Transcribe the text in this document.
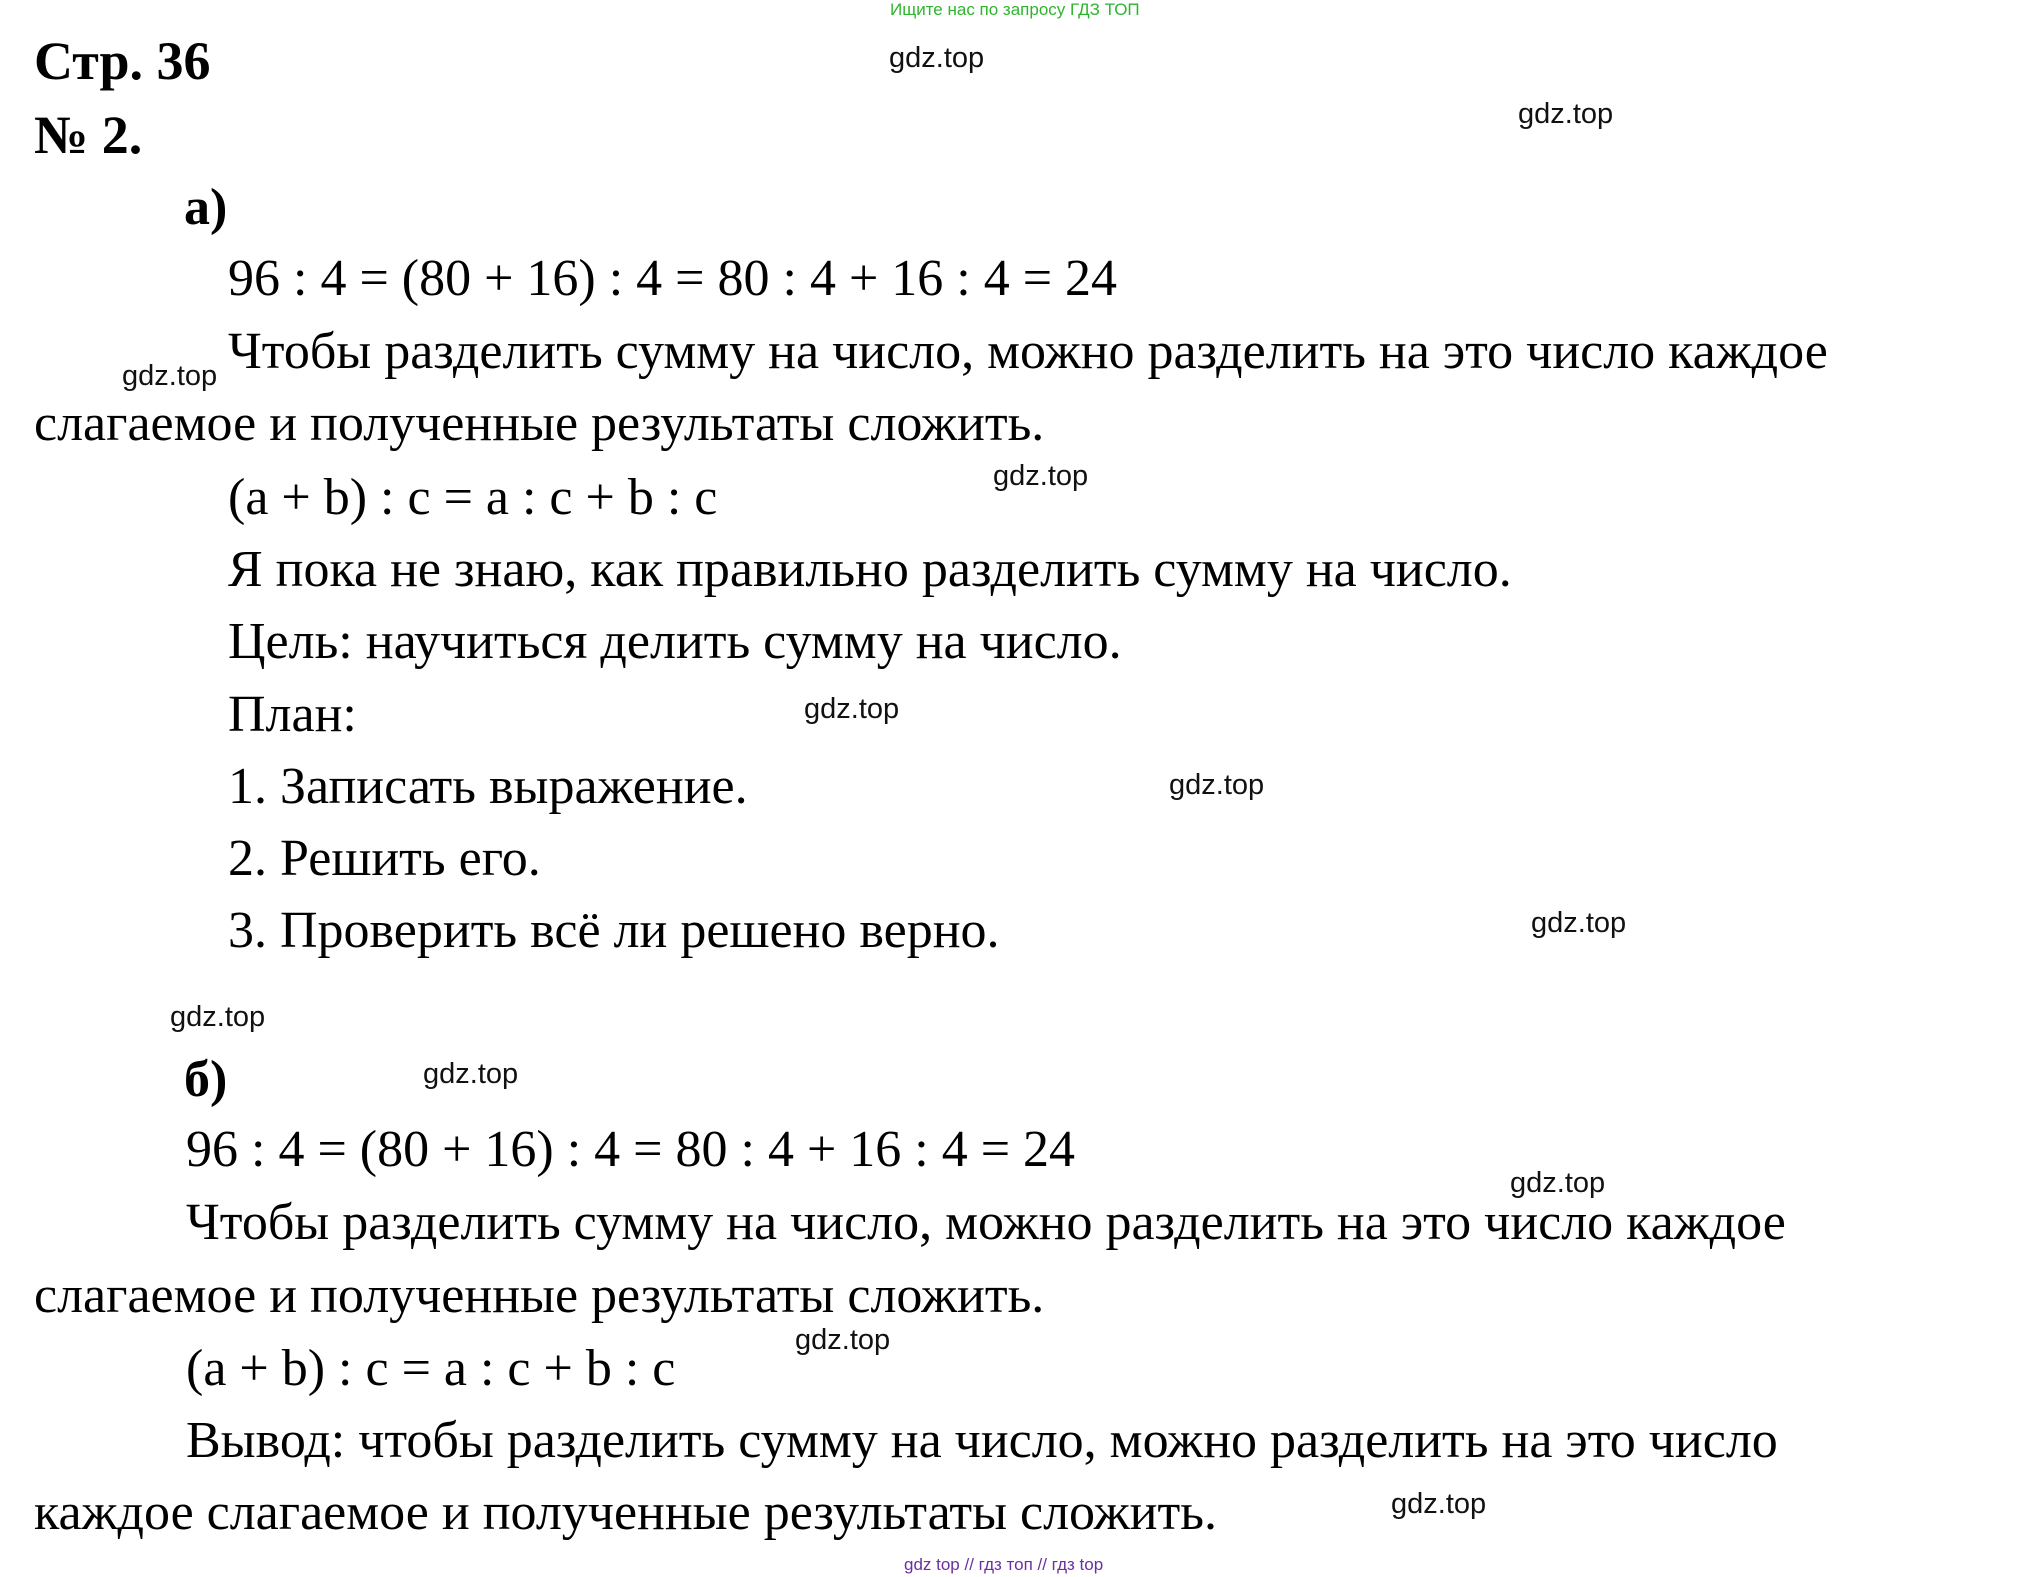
Ищите нас по запросу ГДЗ ТОП
Стр. 36
№ 2.
а)
96 : 4 = (80 + 16) : 4 = 80 : 4 + 16 : 4 = 24
Чтобы разделить сумму на число, можно разделить на это число каждое
слагаемое и полученные результаты сложить.
(a + b) : c = a : c + b : c
Я пока не знаю, как правильно разделить сумму на число.
Цель: научиться делить сумму на число.
План:
1. Записать выражение.
2. Решить его.
3. Проверить всё ли решено верно.
б)
96 : 4 = (80 + 16) : 4 = 80 : 4 + 16 : 4 = 24
Чтобы разделить сумму на число, можно разделить на это число каждое
слагаемое и полученные результаты сложить.
(a + b) : c = a : c + b : c
Вывод: чтобы разделить сумму на число, можно разделить на это число
каждое слагаемое и полученные результаты сложить.
gdz.top
gdz.top
gdz.top
gdz.top
gdz.top
gdz.top
gdz.top
gdz.top
gdz.top
gdz.top
gdz.top
gdz.top
gdz top // гдз топ // гдз top
